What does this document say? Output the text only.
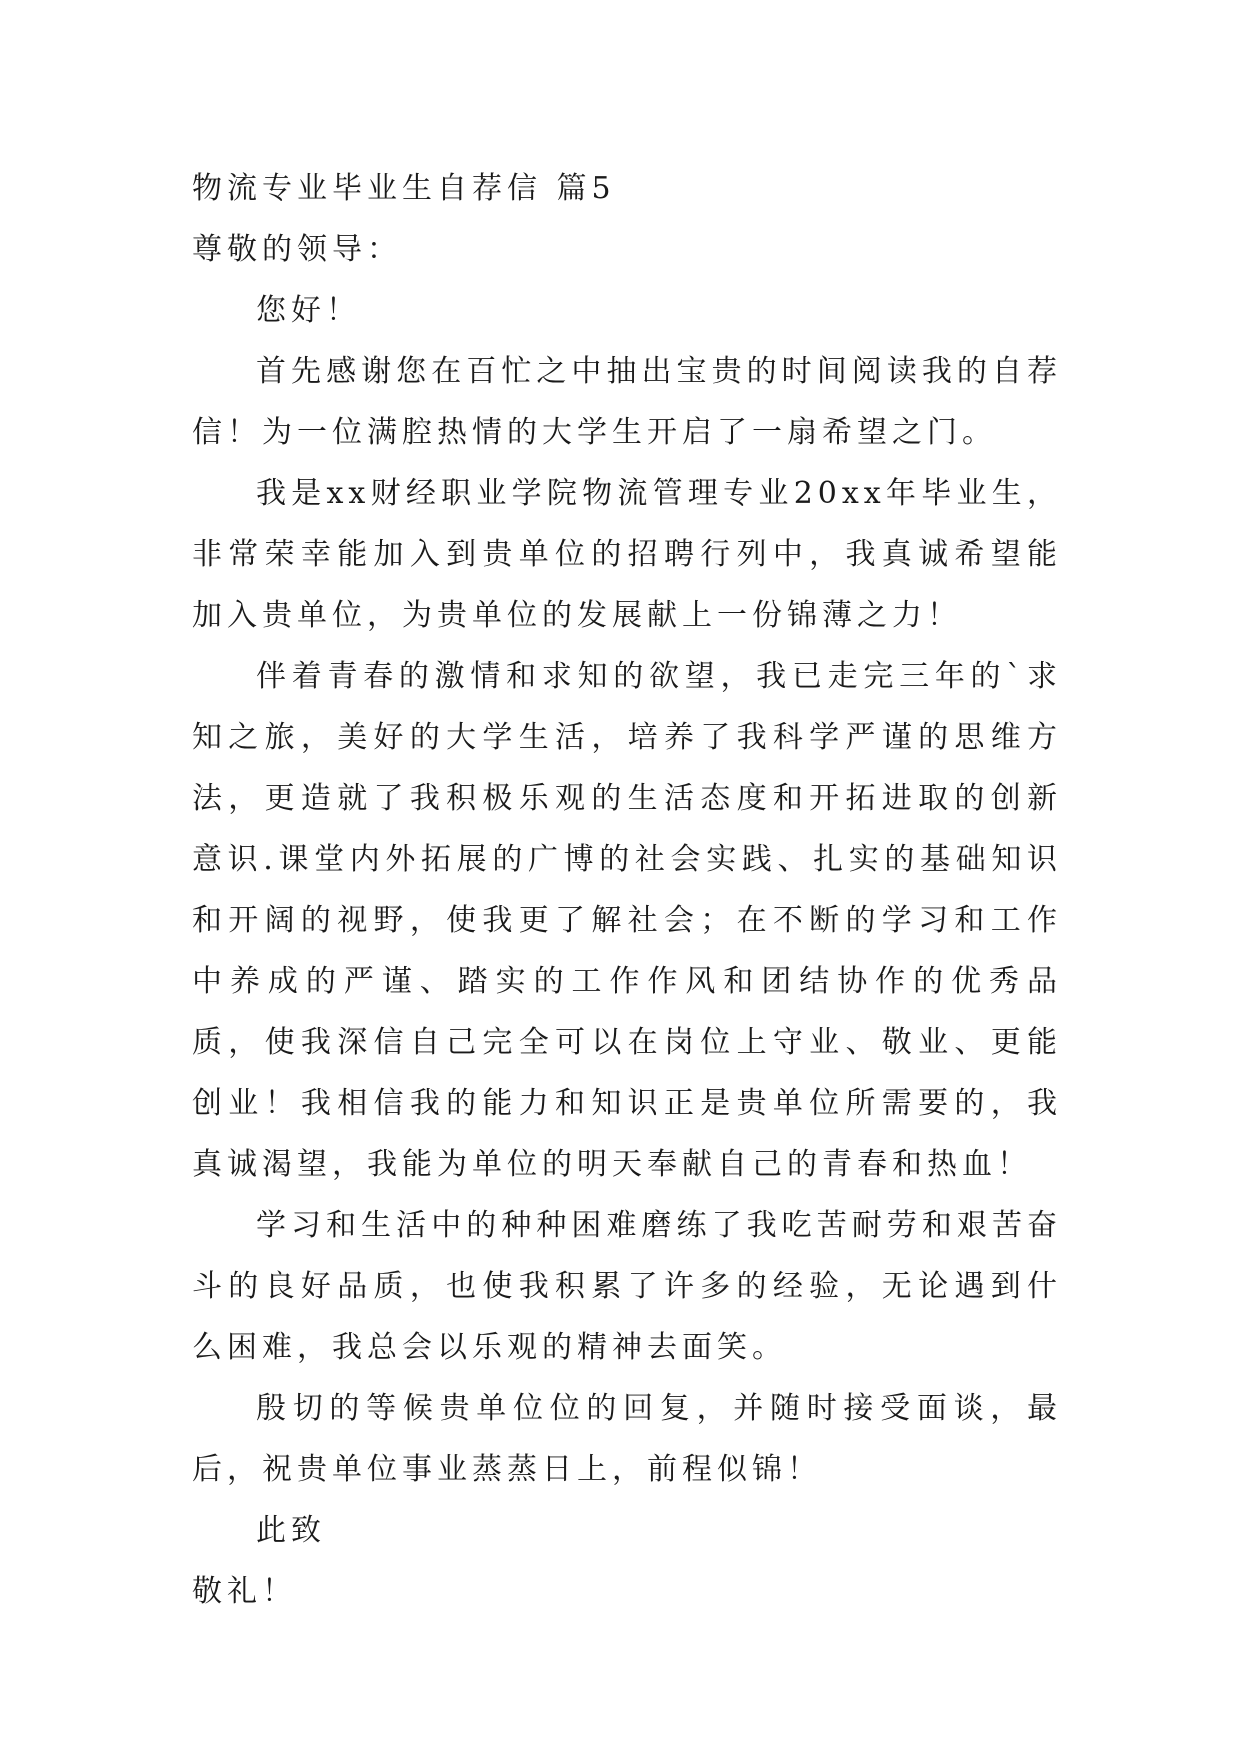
物流专业毕业生自荐信 篇5
尊敬的领导：
您好！

首先感谢您在百忙之中抽出宝贵的时间阅读我的自荐信！为一位满腔热情的大学生开启了一扇希望之门。

我是xx财经职业学院物流管理专业20xx年毕业生，非常荣幸能加入到贵单位的招聘行列中，我真诚希望能加入贵单位，为贵单位的发展献上一份锦薄之力！

伴着青春的激情和求知的欲望，我已走完三年的`求知之旅，美好的大学生活，培养了我科学严谨的思维方法，更造就了我积极乐观的生活态度和开拓进取的创新意识.课堂内外拓展的广博的社会实践、扎实的基础知识和开阔的视野，使我更了解社会；在不断的学习和工作中养成的严谨、踏实的工作作风和团结协作的优秀品质，使我深信自己完全可以在岗位上守业、敬业、更能创业！我相信我的能力和知识正是贵单位所需要的，我真诚渴望，我能为单位的明天奉献自己的青春和热血！

学习和生活中的种种困难磨练了我吃苦耐劳和艰苦奋斗的良好品质，也使我积累了许多的经验，无论遇到什么困难，我总会以乐观的精神去面笑。

殷切的等候贵单位位的回复，并随时接受面谈，最后，祝贵单位事业蒸蒸日上，前程似锦！

此致
敬礼！
